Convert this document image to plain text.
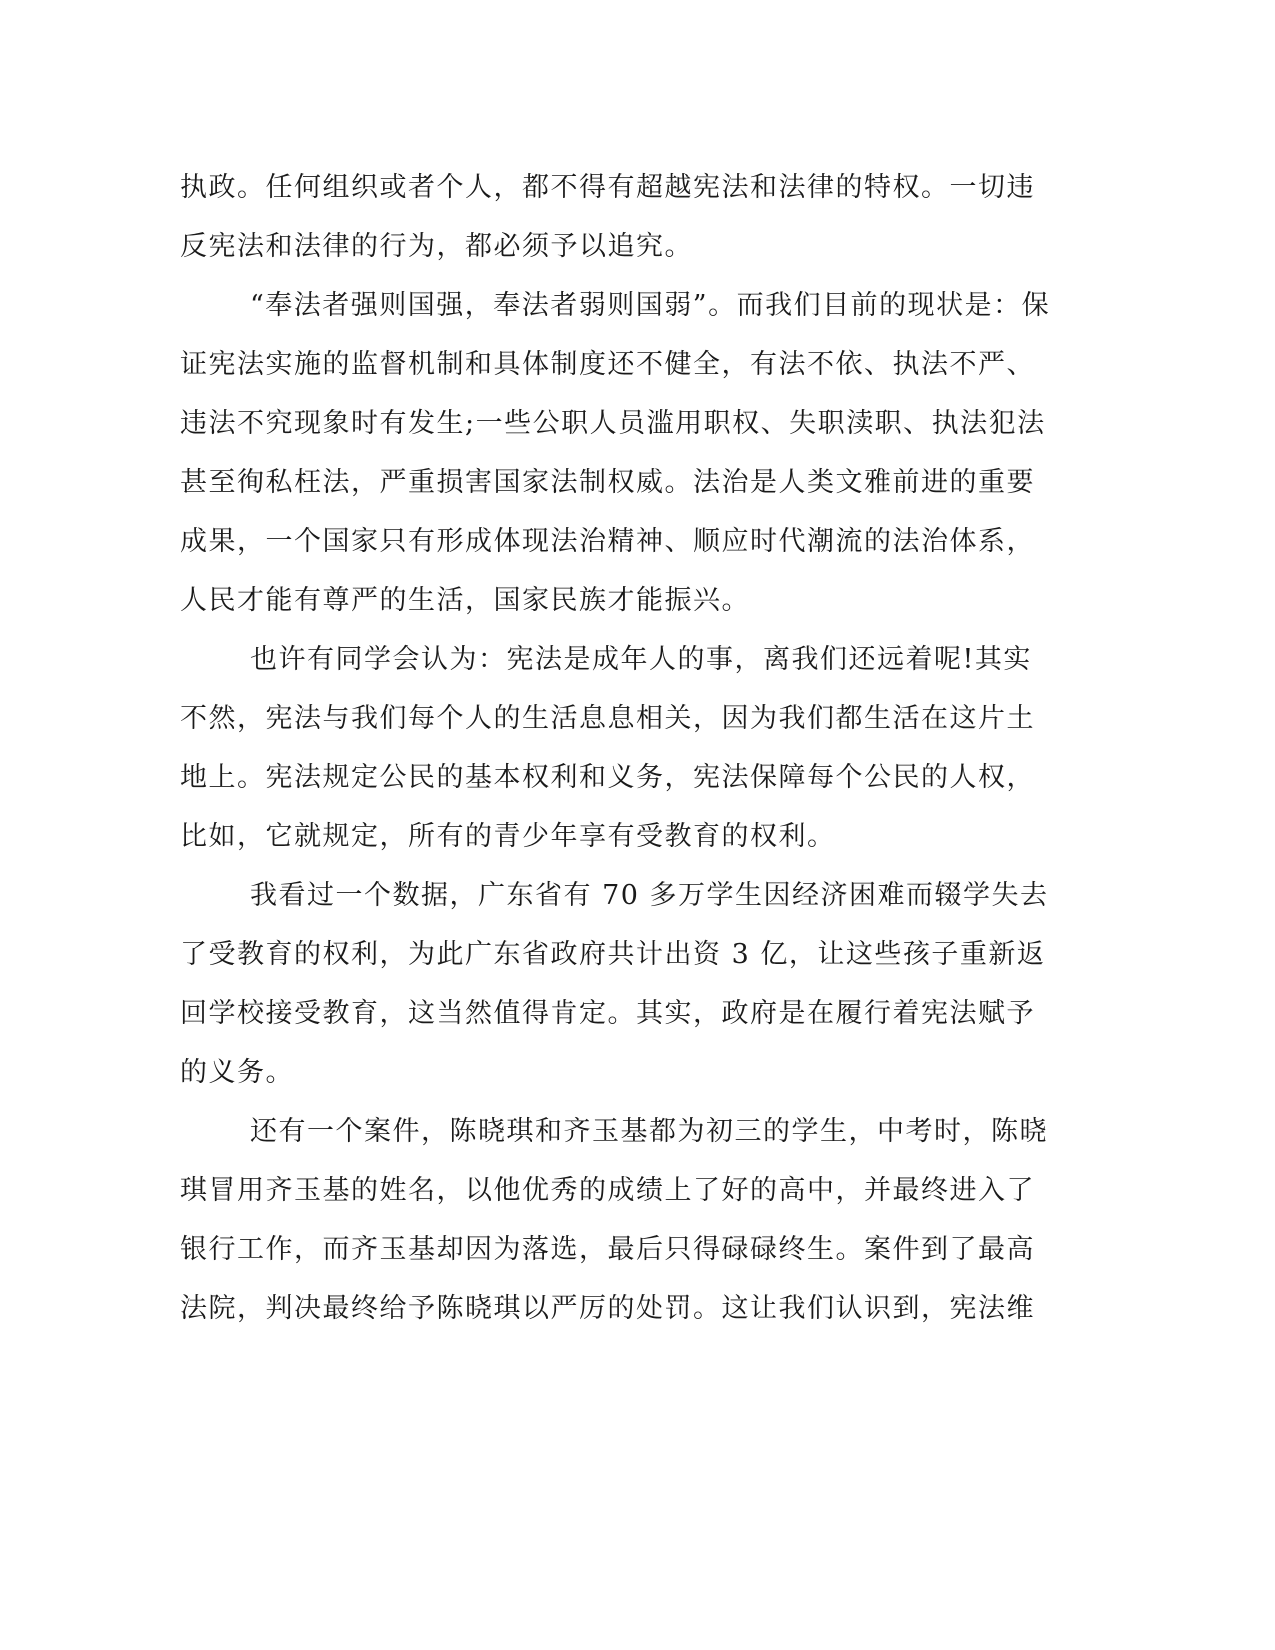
执政。任何组织或者个人，都不得有超越宪法和法律的特权。一切违
反宪法和法律的行为，都必须予以追究。
“奉法者强则国强，奉法者弱则国弱”。而我们目前的现状是：保
证宪法实施的监督机制和具体制度还不健全，有法不依、执法不严、
违法不究现象时有发生;一些公职人员滥用职权、失职渎职、执法犯法
甚至徇私枉法，严重损害国家法制权威。法治是人类文雅前进的重要
成果，一个国家只有形成体现法治精神、顺应时代潮流的法治体系，
人民才能有尊严的生活，国家民族才能振兴。
也许有同学会认为：宪法是成年人的事，离我们还远着呢!其实
不然，宪法与我们每个人的生活息息相关，因为我们都生活在这片土
地上。宪法规定公民的基本权利和义务，宪法保障每个公民的人权，
比如，它就规定，所有的青少年享有受教育的权利。
我看过一个数据，广东省有 70 多万学生因经济困难而辍学失去
了受教育的权利，为此广东省政府共计出资 3 亿，让这些孩子重新返
回学校接受教育，这当然值得肯定。其实，政府是在履行着宪法赋予
的义务。
还有一个案件，陈晓琪和齐玉基都为初三的学生，中考时，陈晓
琪冒用齐玉基的姓名，以他优秀的成绩上了好的高中，并最终进入了
银行工作，而齐玉基却因为落选，最后只得碌碌终生。案件到了最高
法院，判决最终给予陈晓琪以严厉的处罚。这让我们认识到，宪法维
